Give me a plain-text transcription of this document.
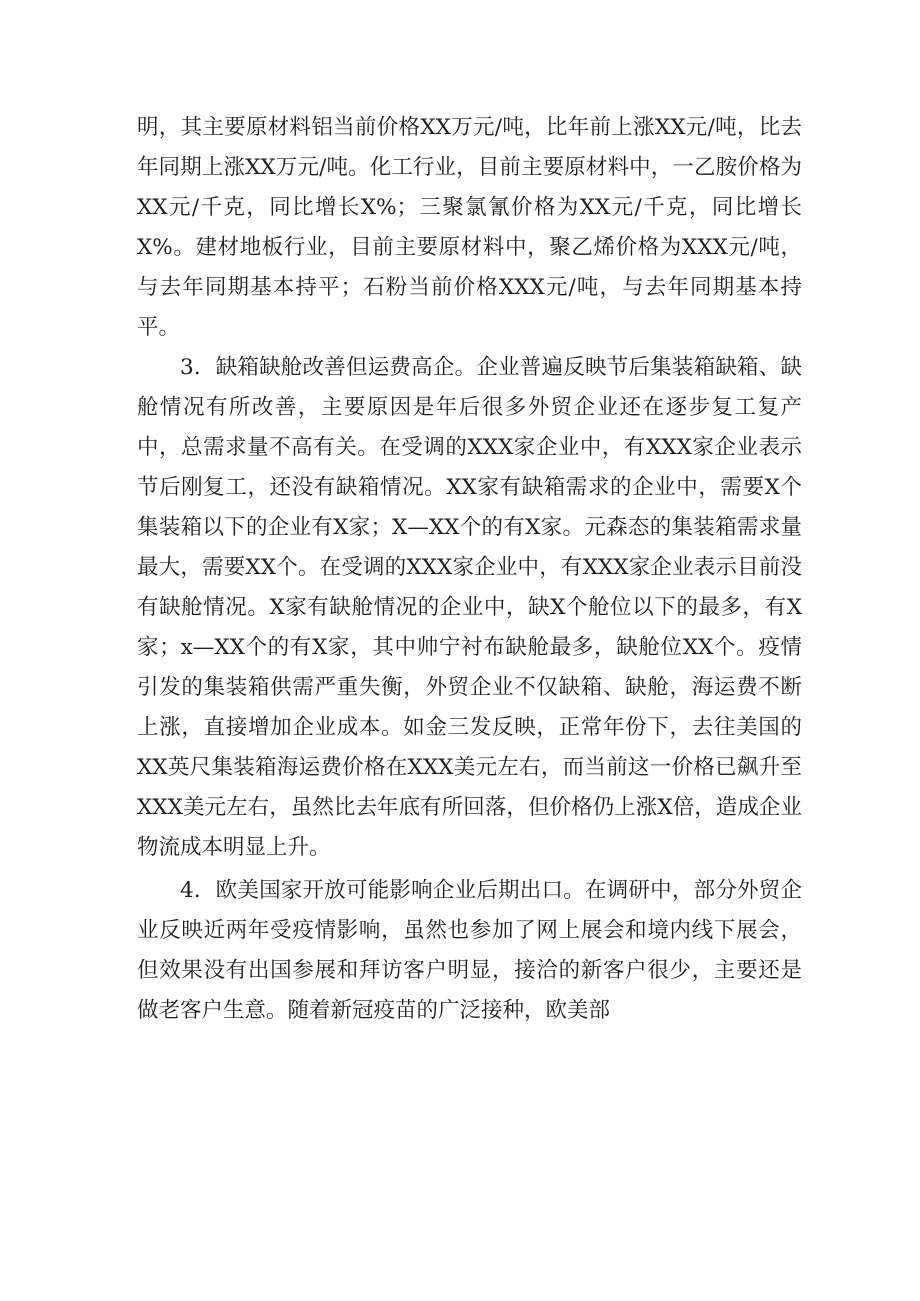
明，其主要原材料铝当前价格XX万元/吨，比年前上涨XX元/吨，比去年同期上涨XX万元/吨。化工行业，目前主要原材料中，一乙胺价格为XX元/千克，同比增长X%；三聚氯氰价格为XX元/千克，同比增长X%。建材地板行业，目前主要原材料中，聚乙烯价格为XXX元/吨，与去年同期基本持平；石粉当前价格XXX元/吨，与去年同期基本持平。

3．缺箱缺舱改善但运费高企。企业普遍反映节后集装箱缺箱、缺舱情况有所改善，主要原因是年后很多外贸企业还在逐步复工复产中，总需求量不高有关。在受调的XXX家企业中，有XXX家企业表示节后刚复工，还没有缺箱情况。XX家有缺箱需求的企业中，需要X个集装箱以下的企业有X家；X—XX个的有X家。元森态的集装箱需求量最大，需要XX个。在受调的XXX家企业中，有XXX家企业表示目前没有缺舱情况。X家有缺舱情况的企业中，缺X个舱位以下的最多，有X家；x—XX个的有X家，其中帅宁衬布缺舱最多，缺舱位XX个。疫情引发的集装箱供需严重失衡，外贸企业不仅缺箱、缺舱，海运费不断上涨，直接增加企业成本。如金三发反映，正常年份下，去往美国的XX英尺集装箱海运费价格在XXX美元左右，而当前这一价格已飙升至XXX美元左右，虽然比去年底有所回落，但价格仍上涨X倍，造成企业物流成本明显上升。

4．欧美国家开放可能影响企业后期出口。在调研中，部分外贸企业反映近两年受疫情影响，虽然也参加了网上展会和境内线下展会，但效果没有出国参展和拜访客户明显，接洽的新客户很少，主要还是做老客户生意。随着新冠疫苗的广泛接种，欧美部
